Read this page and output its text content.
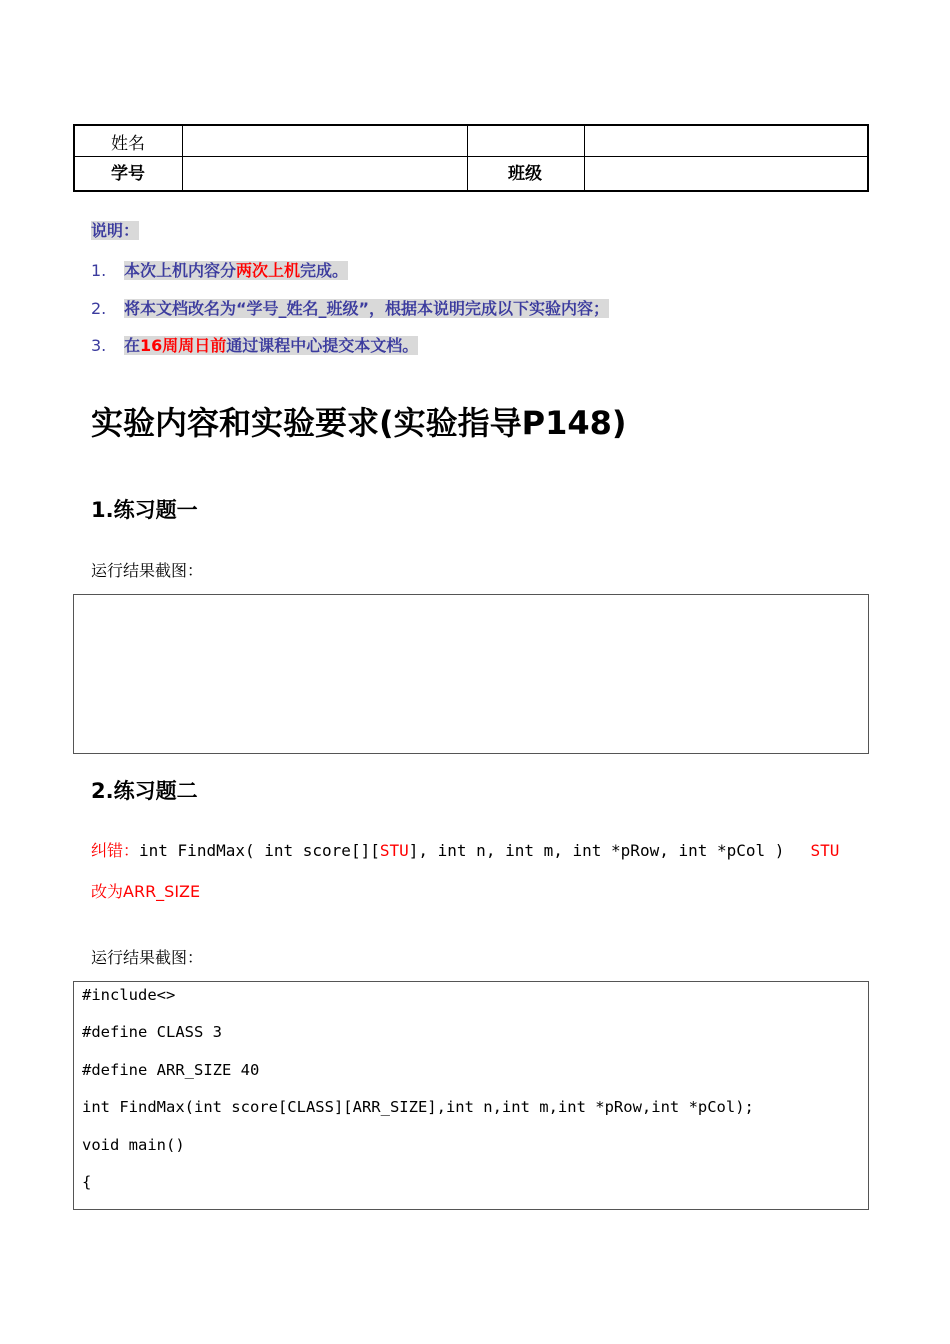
姓名
学号	班级
说明：
1. 本次上机内容分两次上机完成。
2. 将本文档改名为“学号_姓名_班级”，根据本说明完成以下实验内容；
3. 在16周周日前通过课程中心提交本文档。
实验内容和实验要求(实验指导P148)
1.练习题一
运行结果截图：
2.练习题二
纠错：int FindMax( int score[][STU], int n, int m, int *pRow, int *pCol ) STU
改为ARR_SIZE
运行结果截图：
#include<>
#define CLASS 3
#define ARR_SIZE 40
int FindMax(int score[CLASS][ARR_SIZE],int n,int m,int *pRow,int *pCol);
void main()
{
